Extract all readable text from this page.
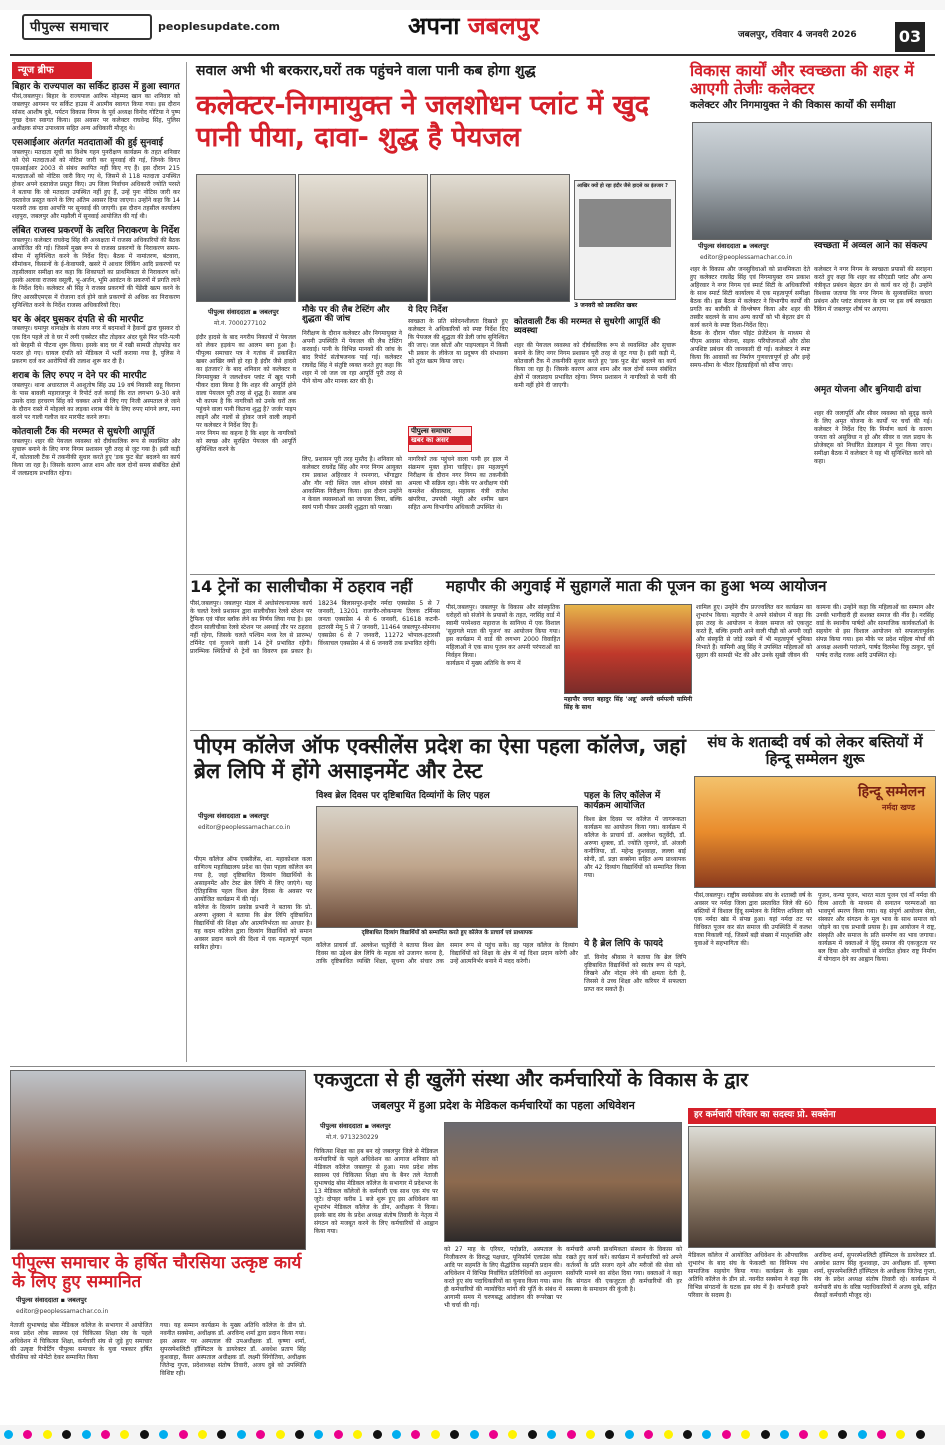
पीपुल्स समाचार	peoplesupdate.com	अपना जबलपुर	जबलपुर, रविवार 4 जनवरी 2026	03
न्यूज ब्रीफ
बिहार के राज्यपाल का सर्किट हाउस में हुआ स्वागत
पीसं,जबलपुर। बिहार के राज्यपाल आरिफ मोहम्मद खान का शनिवार को जबलपुर आगमन पर सर्किट हाउस में आत्मीय स्वागत किया गया। इस दौरान सांसद आशीष दुबे, पर्यटन विकास निगम के पूर्व अध्यक्ष विनोद गोटिया ने पुष्प गुच्छ देकर स्वागत किया। इस अवसर पर कलेक्टर राघवेन्द्र सिंह, पुलिस अधीक्षक संपत उपाध्याय सहित अन्य अधिकारी मौजूद थे।
एसआईआर अंतर्गत मतदाताओं की हुई सुनवाई
जबलपुर। मतदाता सूची का विशेष गहन पुनरीक्षण कार्यक्रम के तहत शनिवार को ऐसे मतदाताओं को नोटिस जारी कर सुनवाई की गई, जिनके विगत एसआईआर 2003 से संबंध स्थापित नहीं किए गए हैं। इस दौरान 215 मतदाताओं को नोटिस जारी किए गए थे, जिसमें से 118 मतदाता उपस्थित होकर अपने दस्तावेज प्रस्तुत किए। उप जिला निर्वाचन अधिकारी ज्योति परस्ते ने बताया कि जो मतदाता उपस्थित नहीं हुए हैं, उन्हें पुनः नोटिस जारी कर दस्तावेज प्रस्तुत करने के लिए अंतिम अवसर दिया जाएगा। उन्होंने कहा कि 14 फरवरी तक दावा आपत्ति पर सुनवाई की जाएगी। इस दौरान तहसील कार्यालय शहपुरा, जबलपुर और मझौली में सुनवाई आयोजित की गई थी।
लंबित राजस्व प्रकरणों के त्वरित निराकरण के निर्देश
जबलपुर। कलेक्टर राघवेन्द्र सिंह की अध्यक्षता में राजस्व अधिकारियों की बैठक आयोजित की गई। जिसमें मुख्य रूप से राजस्व प्रकरणों के निराकरण समय-सीमा में सुनिश्चित करने के निर्देश दिए। बैठक में नामांतरण, बंटवारा, सीमांकन, किसानों के ई-केवायसी, खसरे में आधार लिंकिंग आदि प्रकरणों पर तहसीलवार समीक्षा कर कहा कि शिकायतों का प्राथमिकता से निराकरण करें। इसके अलावा राजस्व वसूली, भू-अर्जन, भूमि आवंटन के प्रकरणों में प्रगति लाने के निर्देश दिये। कलेक्टर श्री सिंह ने राजस्व प्रकरणों की पेंडेंसी खत्म करने के लिए आरसीएमएस में रोजाना दर्ज होने वाले प्रकरणों से अधिक का निराकरण सुनिश्चित करने के निर्देश राजस्व अधिकारियों दिए।
घर के अंदर घुसकर दंपति से की मारपीट
जबलपुर। घमापुर थानाक्षेत्र के संजय नगर में बदमाशों ने हैवानों द्वारा घुसकर दो एक दिन पहले तो वे घर में लगी एक्सेटर सीट तोड़कर अंदर घुसे फिर पति-पत्नी को बेरहमी से पीटना शुरू किया। इसके बाद घर में रखी सामग्री तोड़फोड़ कर फरार हो गए। घायल दंपति को मेडिकल में भर्ती कराया गया है, पुलिस ने प्रकरण दर्ज कर आरोपियों की तलाश शुरू कर दी है।
शराब के लिए रुपए न देने पर की मारपीट
जबलपुर। थाना अधारताल में आशुतोष सिंह उम्र 19 वर्ष निवासी साहू किराना के पास बावली महाराजपुर ने रिपोर्ट दर्ज कराई कि रात लगभग 9-30 बजे उसके दादा हरचरण सिंह को चक्कर आने से लिए गए निजी अस्पताल ले जाने के दौरान रास्ते में मोहल्ले का लड़का शराब पीने के लिए रुपए मांगने लगा, मना करने पर गाली गलौज कर मारपीट करने लगा।
कोतवाली टैंक की मरम्मत से सुधरेगी आपूर्ति
जबलपुर। शहर की पेयजल व्यवस्था को दीर्घकालिक रूप से व्यवस्थित और सुचारू बनाने के लिए नगर निगम प्रशासन पूरी तरह से जुट गया है। इसी कड़ी में, कोतवाली टैंक में तकनीकी सुधार करते हुए 'डक फुट बेंड' बदलने का कार्य किया जा रहा है। जिसके कारण आज शाम और कल दोनों समय संबंधित क्षेत्रों में जलप्रदाय प्रभावित रहेगा।
सवाल अभी भी बरकरार,घरों तक पहुंचने वाला पानी कब होगा शुद्ध
कलेक्टर-निगमायुक्त ने जलशोधन प्लांट में खुद पानी पीया, दावा- शुद्ध है पेयजल
आखिर क्यों हो रहा इंदौर जैसे हादसे का इंतजार ?
3 जनवरी को प्रकाशित खबर
पीपुल्स संवाददाता ▪ जबलपुर
मो.नं. 7000277102
इंदौर हादसे के बाद नगरीय निकायों में पेयजल को लेकर हड़कंप का आलम बना हुआ है। पीपुल्स समाचार पत्र ने गतांक में प्रकाशित खबर आखिर क्यों हो रहा है इंदौर जैसे हादसे का इंतजार? के बाद शनिवार को कलेक्टर व निगमायुक्त ने जलशोधन प्लांट में खुद पानी पीकर दावा किया है कि शहर की आपूर्ति होने वाला पेयजल पूरी तरह से शुद्ध है। सवाल अब भी कायम है कि नागरिकों को उनके घरों तक पहुंचने वाला पानी कितना शुद्ध है? जर्जर पाइप लाइनें और नालों से होकर जाने वाली लाइनों पर कलेक्टर ने निर्देश दिए हैं।
नगर निगम का कहना है कि शहर के नागरिकों को स्वच्छ और सुरक्षित पेयजल की आपूर्ति सुनिश्चित करने के
मौके पर की लैब टेस्टिंग और शुद्धता की जांच
निरीक्षण के दौरान कलेक्टर और निगमायुक्त ने अपनी उपस्थिति में पेयजल की लैब टेस्टिंग करवाई। पानी के विभिन्न मानकों की जांच के बाद रिपोर्ट संतोषजनक पाई गई। कलेक्टर राघवेंद्र सिंह ने संतुष्टि व्यक्त करते हुए कहा कि शहर में जो जल जा रहा आपूर्ति पूरी तरह से पीने योग्य और मानक स्तर की है।
लिए, प्रशासन पूरी तरह मुस्तैद है। शनिवार को कलेक्टर राघवेंद्र सिंह और नगर निगम आयुक्त राम प्रकाश अहिरवार ने रमनगरा, भोंगाद्वार और गौर नदी स्थित जल शोधन संयंत्रों का आकस्मिक निरीक्षण किया। इस दौरान उन्होंने न केवल व्यवस्थाओं का जायजा लिया, बल्कि स्वयं पानी पीकर उसकी शुद्धता को परखा।
ये दिए निर्देश
स्वच्छता के प्रति संवेदनशीलता दिखाते हुए कलेक्टर ने अधिकारियों को स्पष्ट निर्देश दिए कि पेयजल की शुद्धता की डेली जांच सुनिश्चित की जाए। जल स्रोतों और पाइपलाइन में किसी भी प्रकार के लीकेज या प्रदूषण की संभावना को तुरंत खत्म किया जाए।
पीपुल्स समाचार
खबर का असर
नागरिकों तक पहुंचने वाला पानी हर हाल में संक्रमण मुक्त होना चाहिए। इस महत्वपूर्ण निरीक्षण के दौरान नगर निगम का तकनीकी अमला भी सक्रिय रहा। मौके पर अधीक्षण यंत्री कमलेश श्रीवास्तव, सहायक यंत्री राजेश खंपरिया, उपयंत्री मंसूरी और शमीम खान सहित अन्य विभागीय अधिकारी उपस्थित थे।
कोतवाली टैंक की मरम्मत से सुधरेगी आपूर्ति की व्यवस्था
शहर की पेयजल व्यवस्था को दीर्घकालिक रूप से व्यवस्थित और सुचारू बनाने के लिए नगर निगम प्रशासन पूरी तरह से जुट गया है। इसी कड़ी में, कोतवाली टैंक में तकनीकी सुधार करते हुए 'डक फुट बेंड' बदलने का कार्य किया जा रहा है। जिसके कारण आज शाम और कल दोनों समय संबंधित क्षेत्रों में जलप्रदाय प्रभावित रहेगा। निगम प्रशासन ने नागरिकों से पानी की कमी नहीं होने दी जाएगी।
विकास कार्यों और स्वच्छता की शहर में आएगी तेजीः कलेक्टर
कलेक्टर और निगमायुक्त ने की विकास कार्यों की समीक्षा
पीपुल्स संवाददाता ▪ जबलपुर
editor@peoplessamachar.co.in
शहर के विकास और जनसुविधाओं को प्राथमिकता देते हुए कलेक्टर राघवेंद्र सिंह एवं निगमायुक्त राम प्रकाश अहिरवार ने नगर निगम एवं स्मार्ट सिटी के अधिकारियों के साथ स्मार्ट सिटी कार्यालय में एक महत्वपूर्ण समीक्षा बैठक की। इस बैठक में कलेक्टर ने विभागीय कार्यों की प्रगति का बारीकी से विश्लेषण किया और शहर की तस्वीर बदलने के साथ अन्य कार्यों को भी बेहतर ढंग से कार्य करने के स्पष्ट दिशा-निर्देश दिए।
बैठक के दौरान पॉवर पॉइंट प्रेजेंटेशन के माध्यम से पीएम आवास योजना, सड़क परियोजनाओं और ठोस अपशिष्ट प्रबंधन की जानकारी दी गई। कलेक्टर ने स्पष्ट किया कि आवासों का निर्माण गुणवत्तापूर्ण हो और इन्हें समय-सीमा के भीतर हितग्राहियों को सौंपा जाए।
स्वच्छता में अव्वल आने का संकल्प
कलेक्टर ने नगर निगम के स्वच्छता प्रयासों की सराहना करते हुए कहा कि शहर का सीएंडडी प्लांट और अन्य यंत्रीकृत प्रबंधन बेहतर ढंग से कार्य कर रहे हैं। उन्होंने विश्वास जताया कि नगर निगम के सुव्यवस्थित कचरा प्रबंधन और प्लांट संचालन के दम पर इस वर्ष स्वच्छता रैंकिंग में जबलपुर शीर्ष पर आएगा।
अमृत योजना और बुनियादी ढांचा
शहर की जलापूर्ति और सीवर व्यवस्था को सुदृढ़ करने के लिए अमृत योजना के कार्यों पर चर्चा की गई। कलेक्टर ने निर्देश दिए कि निर्माण कार्य के कारण जनता को असुविधा न हो और सीवर व जल प्रदाय के प्रोजेक्ट्स को निर्धारित डेडलाइन में पूरा किया जाए। समीक्षा बैठक में कलेक्टर ने यह भी सुनिश्चित करने को कहा।
14 ट्रेनों का सालीचौका में ठहराव नहीं
पीसं,जबलपुर। जबलपुर मंडल में अधोसंरचनात्मक कार्य के चलते रेलवे प्रशासन द्वारा सालीचौका रेलवे स्टेशन पर ट्रैफिक एवं पॉवर ब्लॉक लेने का निर्णय लिया गया है। इस दौरान सालीचौका रेलवे स्टेशन पर अस्थाई तौर पर ठहराव नहीं रहेगा, जिसके चलते पश्चिम मध्य रेल से प्रारम्भ/टर्मिनेट एवं गुजरने वाली 14 ट्रेनें प्रभावित रहेंगी। प्रारम्भिक स्थितियों से ट्रेनों का विवरण इस प्रकार है। 18234 बिलासपुर-इन्दौर नर्मदा एक्सप्रेस 5 से 7 जनवरी, 13201 राजगीर-लोकमान्य तिलक टर्मिनस जनता एक्सप्रेस 4 से 6 जनवरी, 61618 कटनी-इटारसी मेमू 5 से 7 जनवरी, 11464 जबलपुर-सोमनाथ एक्सप्रेस 6 से 7 जनवरी, 11272 भोपाल-इटारसी विंध्याचल एक्सप्रेस 4 से 6 जनवरी तक प्रभावित रहेगी।
महापौर की अगुवाई में सुहागलें माता की पूजन का हुआ भव्य आयोजन
पीसं,जबलपुर। जबलपुर के विकास और सांस्कृतिक धरोहरों को संजोने के प्रयासों के तहत, नरसिंह वार्ड में स्वामी परमेश्वरा महाराज के सानिध्य में एक विशाल 'सुहागले माता की पूजन' का आयोजन किया गया। इस कार्यक्रम में वार्ड की लगभग 2000 विवाहित महिलाओं ने एक साथ पूजन कर अपनी परंपराओं का निर्वहन किया।
कार्यक्रम में मुख्य अतिथि के रूप में
महापौर जगत बहादुर सिंह 'अन्नू' अपनी धर्मपत्नी यामिनी सिंह के साथ
शामिल हुए। उन्होंने दीप प्रज्ज्वलित कर कार्यक्रम का शुभारंभ किया। महापौर ने अपने संबोधन में कहा कि इस तरह के आयोजन न केवल समाज को एकजुट करते हैं, बल्कि हमारी आने वाली पीढ़ी को अपनी जड़ों और संस्कृति से जोड़े रखने में भी महत्वपूर्ण भूमिका निभाते हैं। यामिनी अन्नू सिंह ने उपस्थित महिलाओं को सुहाग की सामग्री भेंट की और उनके सुखी जीवन की
कामना की। उन्होंने कहा कि महिलाओं का सम्मान और उनकी भागीदारी ही सशक्त समाज की नींव है। नरसिंह वार्ड के स्थानीय पार्षदों और सामाजिक कार्यकर्ताओं के सहयोग से इस विशाल आयोजन को सफलतापूर्वक संपन्न किया गया। इस मौके पर प्रदेश महिला मोर्चा की अध्यक्ष अश्वनी परांजपे, पार्षद दिलमेश रिंकू ठाकुर, पूर्व पार्षद राजेंद्र रजक आदि उपस्थित रहे।
पीएम कॉलेज ऑफ एक्सीलेंस प्रदेश का ऐसा पहला कॉलेज, जहां ब्रेल लिपि में होंगे असाइनमेंट और टेस्ट
पीपुल्स संवाददाता ▪ जबलपुर
editor@peoplessamachar.co.in
पीएम कॉलेज ऑफ एक्सीलेंस, शा. महाकोशल कला वाणिज्य महाविद्यालय प्रदेश का ऐसा पहला कॉलेज बन गया है, जहां दृष्टिबाधित दिव्यांग विद्यार्थियों के असाइनमेंट और टेस्ट ब्रेल लिपि में लिए जाएंगे। यह ऐतिहासिक पहल विश्व ब्रेल दिवस के अवसर पर आयोजित कार्यक्रम में की गई।
कॉलेज के दिव्यांग प्रकोष्ठ प्रभारी ने बताया कि प्रो. अरुणा शुक्ला ने बताया कि ब्रेल लिपि दृष्टिबाधित विद्यार्थियों की शिक्षा और आत्मनिर्भरता का आधार है। यह कदम कॉलेज द्वारा दिव्यांग विद्यार्थियों को समान अवसर प्रदान करने की दिशा में एक महत्वपूर्ण पहल साबित होगा।
विश्व ब्रेल दिवस पर दृष्टिबाधित दिव्यांगों के लिए पहल
दृष्टिबाधित दिव्यांग विद्यार्थियों को सम्मानित करते हुए कॉलेज के प्राचार्य एवं प्राध्यापक
कॉलेज प्राचार्य डॉ. अलकेश चतुर्वेदी ने बताया विश्व ब्रेल दिवस का उद्देश्य ब्रेल लिपि के महत्व को उजागर करना है, ताकि दृष्टिबाधित व्यक्ति शिक्षा, सूचना और संचार तक समान रूप से पहुंच सकें। वह पहल कॉलेज के दिव्यांग विद्यार्थियों को शिक्षा के क्षेत्र में नई दिशा प्रदान करेगी और उन्हें आत्मनिर्भर बनाने में मदद करेगी।
पहल के लिए कॉलेज में कार्यक्रम आयोजित
विश्व ब्रेल दिवस पर कॉलेज में जागरूकता कार्यक्रम का आयोजन किया गया। कार्यक्रम में कॉलेज के प्राचार्य डॉ. अलकेश चतुर्वेदी, डॉ. अरुणा शुक्ला, डॉ. ज्योति जुनगरे, डॉ. अंजली कनौजिया, डॉ. महेन्द्र कुशवाहा, लल्ला बाई सोनी, डॉ. प्रज्ञा सक्सेना सहित अन्य प्राध्यापक और 42 दिव्यांग विद्यार्थियों को सम्मानित किया गया।
ये है ब्रेल लिपि के फायदे
डॉ. विनोद श्रीवास ने बताया कि ब्रेल लिपि दृष्टिबाधित विद्यार्थियों को स्वतंत्र रूप से पढ़ने, लिखने और नोट्स लेने की क्षमता देती है, जिससे वे उच्च शिक्षा और करियर में सफलता प्राप्त कर सकते हैं।
संघ के शताब्दी वर्ष को लेकर बस्तियों में हिन्दू सम्मेलन शुरू
हिन्दू सम्मेलन
नर्मदा खण्ड
पीसं,जबलपुर। राष्ट्रीय स्वयंसेवक संघ के शताब्दी वर्ष के अवसर पर नर्मदा जिला द्वारा प्रस्तावित जिले की 60 बस्तियों में विशाल हिंदू सम्मेलन के निमित्त शनिवार को एक नर्मदा खंड में संपन्न हुआ। यहां नर्मदा तट पर विधिवत पूजन कर संत समाज की उपस्थिति में कलश यात्रा निकाली गई, जिसमें बड़ी संख्या में मातृशक्ति और युवाओं ने सहभागिता की।
पूजन, कन्या पूजन, भारत माता पूजन एवं माँ नर्मदा की दिव्य आरती के माध्यम से सनातन परम्पराओं का भावपूर्ण स्मरण किया गया। यह संपूर्ण आयोजन सेवा, संस्कार और संगठन के मूल भाव के साथ समाज को जोड़ने का एक प्रभावी प्रयास है। इस आयोजन ने राष्ट्र, संस्कृति और समाज के प्रति समर्पण का भाव जगाया। कार्यक्रम में वक्ताओं ने हिंदू समाज की एकजुटता पर बल दिया और नागरिकों से संगठित होकर राष्ट्र निर्माण में योगदान देने का आह्वान किया।
पीपुल्स समाचार के हर्षित चौरसिया उत्कृष्ट कार्य के लिए हुए सम्मानित
पीपुल्स संवाददाता ▪ जबलपुर
editor@peoplessamachar.co.in
नेताजी सुभाषचंद्र बोस मेडिकल कॉलेज के सभागार में आयोजित मध्य प्रदेश लोक स्वास्थ्य एवं चिकित्सा शिक्षा संघ के पहले अधिवेशन में चिकित्सा शिक्षा, कर्मचारी संघ से जुड़े हुए समाचार की उत्कृष्ट रिपोर्टिंग पीपुल्स समाचार के युवा पत्रकार हर्षित चौरसिया को मोमेंटो देकर सम्मानित किया
गया। यह सम्मान कार्यक्रम के मुख्य अतिथि कॉलेज के डीन प्रो. नवनीत सक्सेना, अधीक्षक डॉ. अरविन्द शर्मा द्वारा प्रदान किया गया। इस अवसर पर अस्पताल की उपअधीक्षक डॉ. कृष्णा शर्मा, सुपरस्पेशलिटी हॉस्पिटल के डायरेक्टर डॉ. अवधेश प्रताप सिंह कुशवाहा, कैंसर अस्पताल अधीक्षक डॉ. लक्ष्मी सिंगोतिया, अधीक्षक जितेन्द्र गुप्ता, प्रदेशाध्यक्ष संतोष तिवारी, अजय दुबे को उपस्थिति विशिष्ट रही।
एकजुटता से ही खुलेंगे संस्था और कर्मचारियों के विकास के द्वार
जबलपुर में हुआ प्रदेश के मेडिकल कर्मचारियों का पहला अधिवेशन
पीपुल्स संवाददाता ▪ जबलपुर
मो.नं. 9713230229
चिकित्सा शिक्षा का हब बन रहे जबलपुर जिले से मेडिकल कर्मचारियों के पहले अधिवेशन का आगाज शनिवार को मेडिकल कॉलेज जबलपुर से हुआ। मध्य प्रदेश लोक स्वास्थ्य एवं चिकित्सा शिक्षा संघ के बैनर तले नेताजी सुभाषचंद्र बोस मेडिकल कॉलेज के सभागार में प्रदेशभर के 13 मेडिकल कॉलेजों के कर्मचारी एक साथ एक मंच पर जुटे। दोपहर करीब 1 बजे शुरू हुए इस अधिवेशन का शुभारंभ मेडिकल कॉलेज के डीन, अधीक्षक ने किया। इसके बाद संघ के प्रदेश अध्यक्ष संतोष तिवारी के नेतृत्व में संगठन को मजबूत करने के लिए कर्मचारियों से आह्वान किया गया।
को 27 माह के एरियर, पदोन्नति, अस्पताल के निजीकरण के विरुद्ध पक्षधार, यूनिफ़ॉर्म एलाउंस कोड आदि पर सहमति के लिए सैद्धांतिक सहमति प्रदान की। अधिवेशन में विभिन्न निर्वाचित प्रतिनिधियों का अनुसरण करते हुए संघ पदाधिकारियों का चुनाव किया गया। साथ ही कर्मचारियों की न्यायोचित मांगों की पूर्ति के संबंध में आगामी समय में चरणबद्ध आंदोलन की रूपरेखा पर भी चर्चा की गई।
कर्मचारी अपनी प्राथमिकता संस्थान के विकास को रखते हुए कार्य करें। कार्यक्रम में कर्मचारियों को अपने कर्तव्यों के प्रति सजग रहने और मरीजों की सेवा को सर्वोपरि मानने का संदेश दिया गया। वक्ताओं ने कहा कि संगठन की एकजुटता ही कर्मचारियों की हर समस्या के समाधान की कुंजी है।
हर कर्मचारी परिवार का सदस्यः प्रो. सक्सेना
मेडिकल कॉलेज में आयोजित अधिवेशन के औपचारिक शुभारंभ के बाद संघ के फेकल्टी का विनिमय मंच सामाजिक सहयोग किया गया। कार्यक्रम के मुख्य अतिथि कॉलेज के डीन प्रो. नवनीत सक्सेना ने कहा कि विभिन्न संगठनों के घटक इस संघ में है। कर्मचारी हमारे परिवार के सदस्य है।
अरविन्द शर्मा, सुपरस्पेशलिटी हॉस्पिटल के डायरेक्टर डॉ. अवधेश प्रताप सिंह कुशवाहा, उप अधीक्षक डॉ. कृष्णा शर्मा, सुपरस्पेशलिटी हॉस्पिटल के अधीक्षक जितेन्द्र गुप्ता, संघ के प्रदेश अध्यक्ष संतोष तिवारी रहे। कार्यक्रम में कर्मचारी संघ के वरिष्ठ पदाधिकारियों में अजय दुबे, सहित सैकड़ों कर्मचारी मौजूद रहे।
